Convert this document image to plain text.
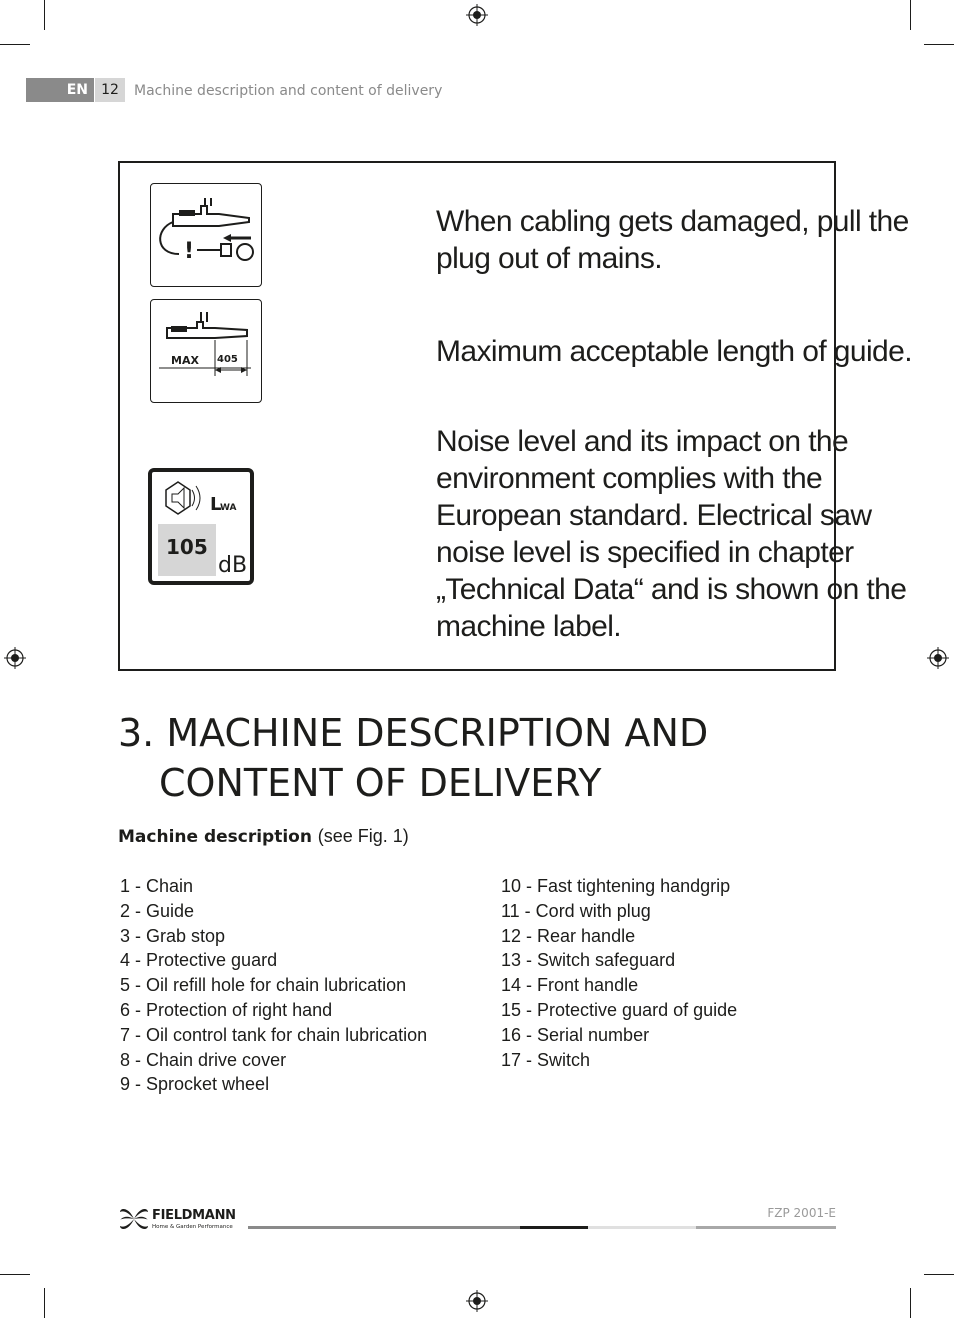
EN 12	Machine description and content of delivery
!
When cabling gets damaged, pull the plug out of mains.
MAX 405	Maximum acceptable length of guide.
L
WA
105
dB
Noise level and its impact on the environment complies with the European standard. Electrical saw noise level is specified in chapter „Technical Data“ and is shown on the machine label.
3. MACHINE DESCRIPTION AND
CONTENT OF DELIVERY
Machine description (see Fig. 1)
1 - Chain
2 - Guide
3 - Grab stop
4 - Protective guard
5 - Oil refill hole for chain lubrication
6 - Protection of right hand
7 - Oil control tank for chain lubrication
8 - Chain drive cover
9 - Sprocket wheel
10 - Fast tightening handgrip
11 - Cord with plug
12 - Rear handle
13 - Switch safeguard
14 - Front handle
15 - Protective guard of guide
16 - Serial number
17 - Switch
FIELDMANN
Home & Garden Performance
FZP 2001-E
